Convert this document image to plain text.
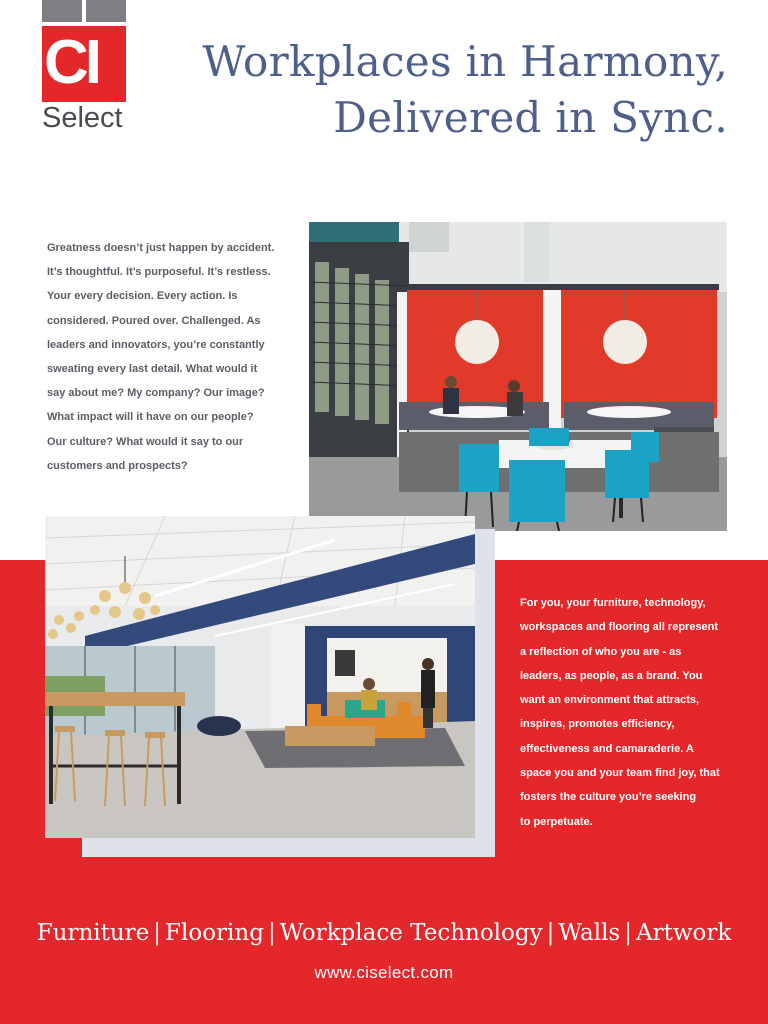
CI
Select
Workplaces in Harmony,
Delivered in Sync.
Greatness doesn’t just happen by accident.
It’s thoughtful. It’s purposeful. It’s restless.
Your every decision. Every action. Is
considered. Poured over. Challenged. As
leaders and innovators, you’re constantly
sweating every last detail. What would it
say about me? My company? Our image?
What impact will it have on our people?
Our culture? What would it say to our
customers and prospects?
For you, your furniture, technology,
workspaces and flooring all represent
a reflection of who you are - as
leaders, as people, as a brand. You
want an environment that attracts,
inspires, promotes efficiency,
effectiveness and camaraderie. A
space you and your team find joy, that
fosters the culture you’re seeking
to perpetuate.
Furniture | Flooring | Workplace Technology | Walls | Artwork
www.ciselect.com
